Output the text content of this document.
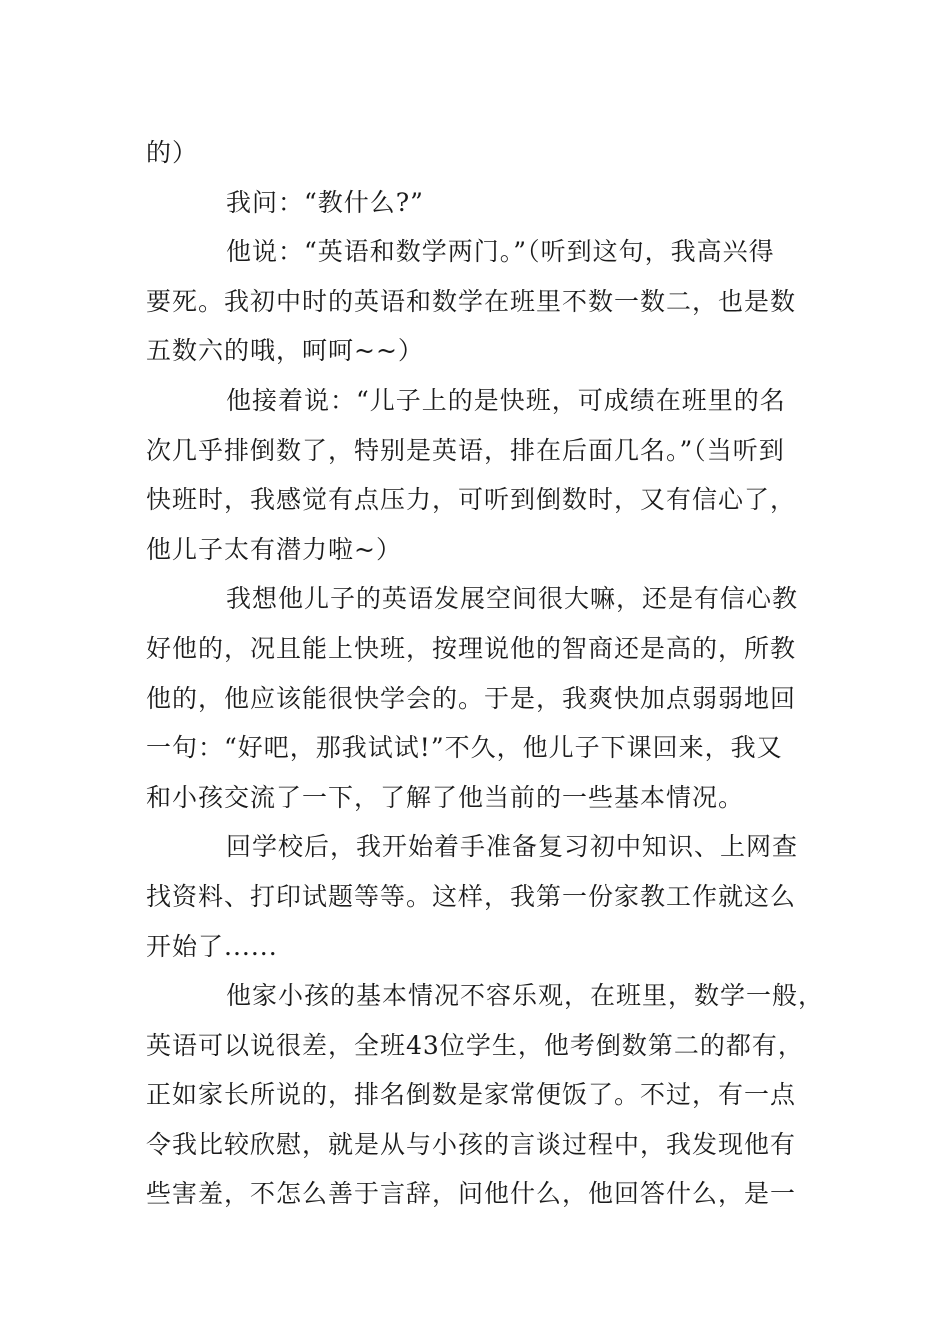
的）
我问：“教什么?”
他说：“英语和数学两门。”（听到这句，我高兴得
要死。我初中时的英语和数学在班里不数一数二，也是数
五数六的哦，呵呵~~）
他接着说：“儿子上的是快班，可成绩在班里的名
次几乎排倒数了，特别是英语，排在后面几名。”（当听到
快班时，我感觉有点压力，可听到倒数时，又有信心了，
他儿子太有潜力啦~）
我想他儿子的英语发展空间很大嘛，还是有信心教
好他的，况且能上快班，按理说他的智商还是高的，所教
他的，他应该能很快学会的。于是，我爽快加点弱弱地回
一句：“好吧，那我试试!”不久，他儿子下课回来，我又
和小孩交流了一下，了解了他当前的一些基本情况。
回学校后，我开始着手准备复习初中知识、上网查
找资料、打印试题等等。这样，我第一份家教工作就这么
开始了......
他家小孩的基本情况不容乐观，在班里，数学一般，
英语可以说很差，全班43位学生，他考倒数第二的都有，
正如家长所说的，排名倒数是家常便饭了。不过，有一点
令我比较欣慰，就是从与小孩的言谈过程中，我发现他有
些害羞，不怎么善于言辞，问他什么，他回答什么，是一
